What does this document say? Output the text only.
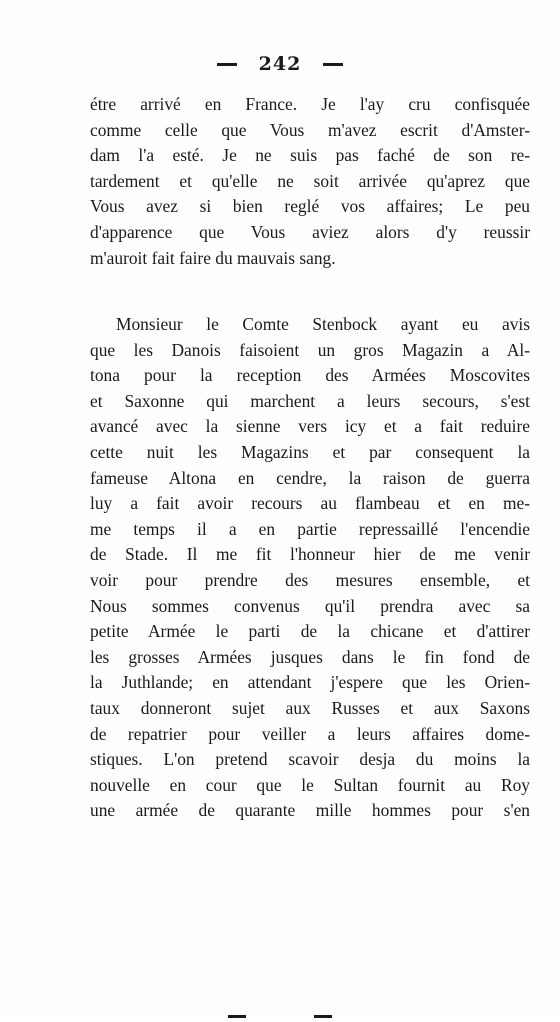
242
étre arrivé en France. Je l'ay cru confisquée
comme celle que Vous m'avez escrit d'Amster-
dam l'a esté. Je ne suis pas faché de son re-
tardement et qu'elle ne soit arrivée qu'aprez que
Vous avez si bien reglé vos affaires; Le peu
d'apparence que Vous aviez alors d'y reussir
m'auroit fait faire du mauvais sang.
Monsieur le Comte Stenbock ayant eu avis
que les Danois faisoient un gros Magazin a Al-
tona pour la reception des Armées Moscovites
et Saxonne qui marchent a leurs secours, s'est
avancé avec la sienne vers icy et a fait reduire
cette nuit les Magazins et par consequent la
fameuse Altona en cendre, la raison de guerra
luy a fait avoir recours au flambeau et en me-
me temps il a en partie repressaillé l'encendie
de Stade. Il me fit l'honneur hier de me venir
voir pour prendre des mesures ensemble, et
Nous sommes convenus qu'il prendra avec sa
petite Armée le parti de la chicane et d'attirer
les grosses Armées jusques dans le fin fond de
la Juthlande; en attendant j'espere que les Orien-
taux donneront sujet aux Russes et aux Saxons
de repatrier pour veiller a leurs affaires dome-
stiques. L'on pretend scavoir desja du moins la
nouvelle en cour que le Sultan fournit au Roy
une armée de quarante mille hommes pour s'en
